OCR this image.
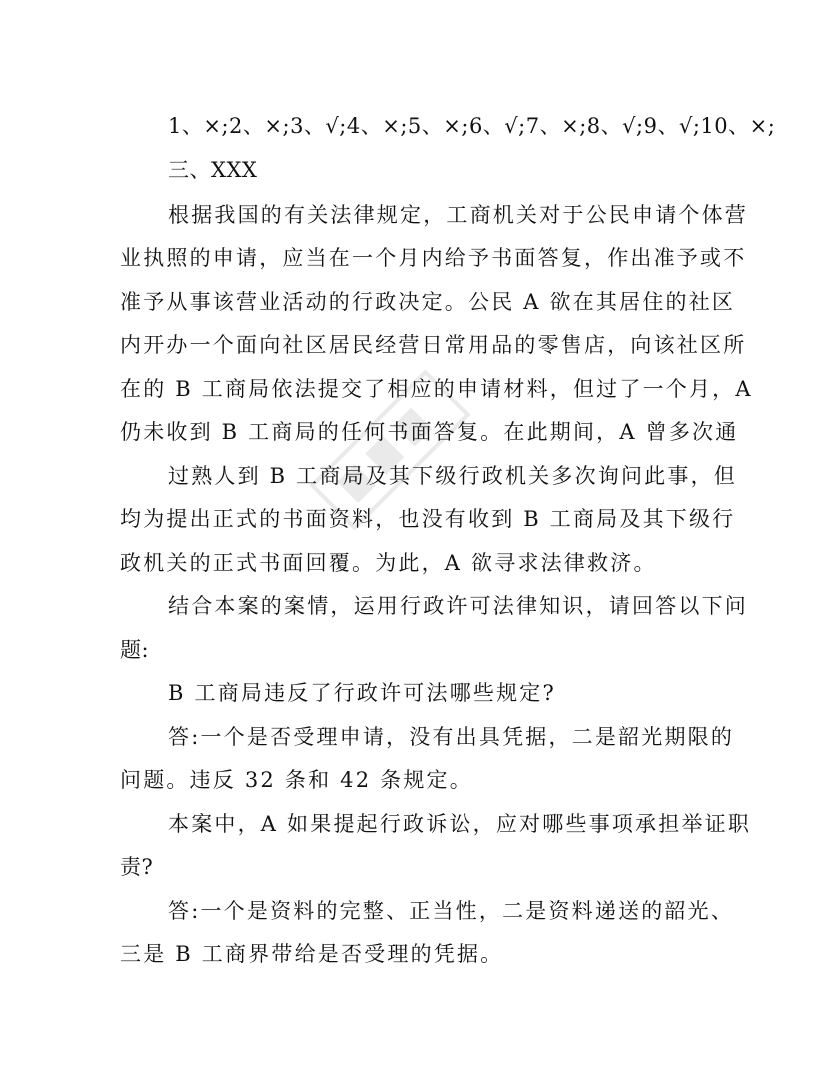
1、×;2、×;3、√;4、×;5、×;6、√;7、×;8、√;9、√;10、×;
三、XXX
根据我国的有关法律规定，工商机关对于公民申请个体营
业执照的申请，应当在一个月内给予书面答复，作出准予或不
准予从事该营业活动的行政决定。公民 A 欲在其居住的社区
内开办一个面向社区居民经营日常用品的零售店，向该社区所
在的 B 工商局依法提交了相应的申请材料，但过了一个月，A
仍未收到 B 工商局的任何书面答复。在此期间，A 曾多次通
过熟人到 B 工商局及其下级行政机关多次询问此事，但
均为提出正式的书面资料，也没有收到 B 工商局及其下级行
政机关的正式书面回覆。为此，A 欲寻求法律救济。
结合本案的案情，运用行政许可法律知识，请回答以下问
题:
B 工商局违反了行政许可法哪些规定?
答:一个是否受理申请，没有出具凭据，二是韶光期限的
问题。违反 32 条和 42 条规定。
本案中，A 如果提起行政诉讼，应对哪些事项承担举证职
责?
答:一个是资料的完整、正当性，二是资料递送的韶光、
三是 B 工商界带给是否受理的凭据。
